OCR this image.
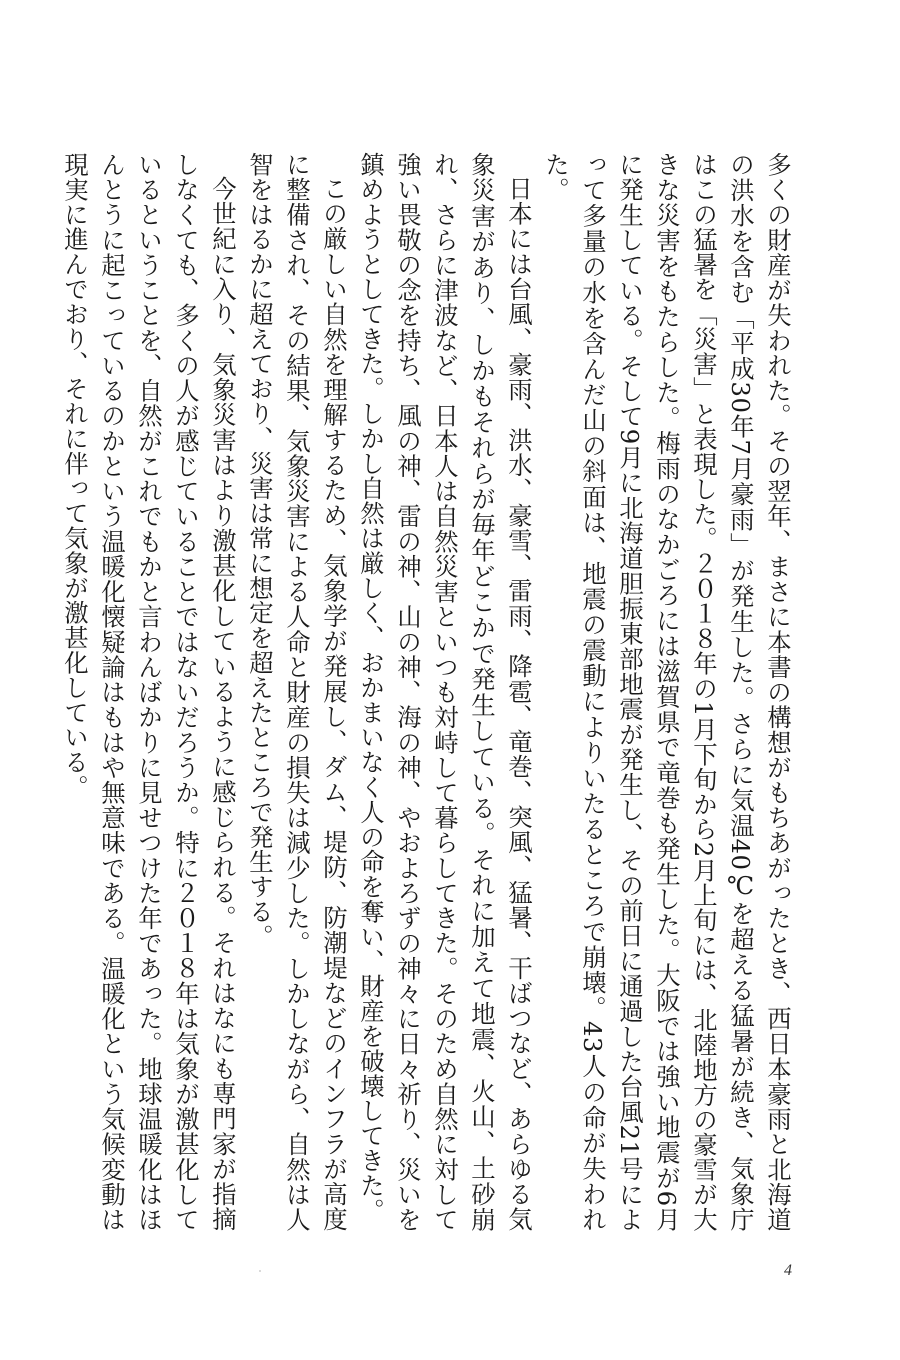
多くの財産が失われた。その翌年、まさに本書の構想がもちあがったとき、西日本豪雨と北海道の洪水を含む「平成30年7月豪雨」が発生した。さらに気温40℃を超える猛暑が続き、気象庁はこの猛暑を「災害」と表現した。２０１８年の1月下旬から2月上旬には、北陸地方の豪雪が大きな災害をもたらした。梅雨のなかごろには滋賀県で竜巻も発生した。大阪では強い地震が6月に発生している。そして9月に北海道胆振東部地震が発生し、その前日に通過した台風21号によって多量の水を含んだ山の斜面は、地震の震動によりいたるところで崩壊。43人の命が失われた。

日本には台風、豪雨、洪水、豪雪、雷雨、降雹、竜巻、突風、猛暑、干ばつなど、あらゆる気象災害があり、しかもそれらが毎年どこかで発生している。それに加えて地震、火山、土砂崩れ、さらに津波など、日本人は自然災害といつも対峙して暮らしてきた。そのため自然に対して強い畏敬の念を持ち、風の神、雷の神、山の神、海の神、やおよろずの神々に日々祈り、災いを鎮めようとしてきた。しかし自然は厳しく、おかまいなく人の命を奪い、財産を破壊してきた。

この厳しい自然を理解するため、気象学が発展し、ダム、堤防、防潮堤などのインフラが高度に整備され、その結果、気象災害による人命と財産の損失は減少した。しかしながら、自然は人智をはるかに超えており、災害は常に想定を超えたところで発生する。

今世紀に入り、気象災害はより激甚化しているように感じられる。それはなにも専門家が指摘しなくても、多くの人が感じていることではないだろうか。特に２０１８年は気象が激甚化しているということを、自然がこれでもかと言わんばかりに見せつけた年であった。地球温暖化はほんとうに起こっているのかという温暖化懐疑論はもはや無意味である。温暖化という気候変動は現実に進んでおり、それに伴って気象が激甚化している。

4
